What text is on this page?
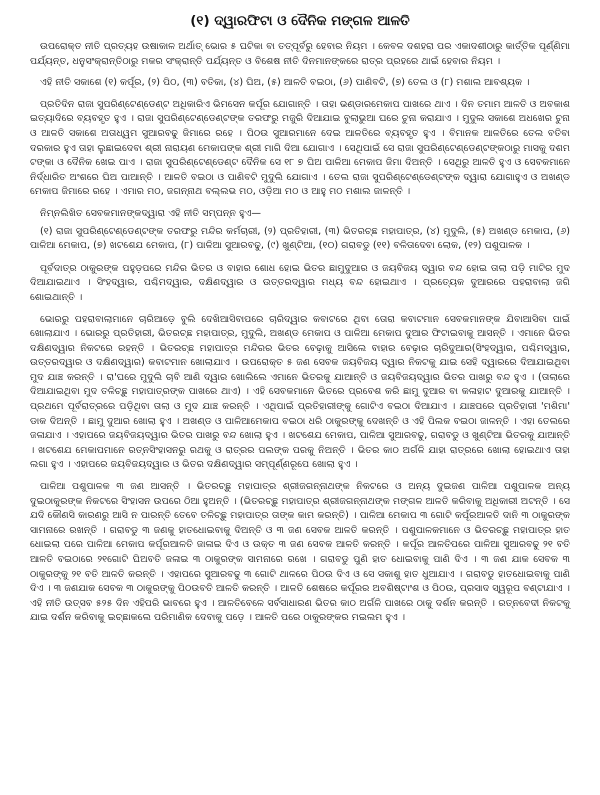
(୧) ଦ୍ୱାରଫିଟା ଓ ଦୈନିକ ମଙ୍ଗଳ ଆଳତି

ଉପରୋକ୍ତ ନୀତି ପ୍ରତ୍ୟହ ଉଷାକାଳ ଅର୍ଥାତ୍ ଭୋର ୫ ଘଟିକା ବା ତତ୍‌ପୂର୍ବରୁ ହେବାର ନିୟମ । କେବଳ ଦଶହରା ପର ଏକାଦଶୀଠାରୁ କାର୍ତ୍ତିକ ପୂର୍ଣ୍ଣିମା ପର୍ଯ୍ୟନ୍ତ, ଧନୁସଂକ୍ରାନ୍ତିଠାରୁ ମକର ସଂକ୍ରାନ୍ତି ପର୍ଯ୍ୟନ୍ତ ଓ ବିଶେଷ ନୀତି ଦିନମାନଙ୍କରେ ରାତ୍ର ପ୍ରହରେ ଥାଇଁ ହେବାର ନିୟମ ।

ଏହି ନୀତି ସକାଶେ (୧) କର୍ପୂର, (୨) ପିଠ, (୩) ବତିକା, (୪) ଘିଅ, (୫) ଆଳତି ବଇଠା, (୬) ପାଣିବଟି, (୭) ତେଲ ଓ (୮) ମଶାଲ ଆବଶ୍ୟକ ।

ପ୍ରତିଦିନ ରାଜା ସୁପରିଣ୍ଟେଣ୍ଡେଣ୍ଟ ଅଧିକାରିଏ ଭିମସେନ କର୍ପୂର ଯୋଗାନ୍ତି । ତାହା ଭଣ୍ଡାରମେକାପ ପାଖରେ ଥାଏ । ଦିନ ତମାମ ଆଳତି ଓ ଅବକାଶ ଇତ୍ୟାଦିରେ ବ୍ୟବହୃତ ହୁଏ । ରାଜା ସୁପରିଣ୍ଟେଣ୍ଡେଣ୍ଟଙ୍କ ତରଫରୁ ମଜୁରି ଦିଆଯାଇ ବୁଲାଭୁଆ ଘରେ ଚୁନା କରାଯାଏ । ମୁଦୁଲ ସକାଶେ ଅଧଖେର ଚୁନା ଓ ଆଳତି ସକାଶେ ଅତାଧ୍ୱମ ସୁଆରବଢୁ ଜିମାରେ ରହେ । ପିଠଉ ସୁଆରମାନେ ଦେଇ ଆଳତିରେ ବ୍ୟବହୃତ ହୁଏ । ବିମାନକ ଆଳତିରେ ତେଲ ବତିବା ଦରକାର ହୁଏ ତାହା ଲୁଛାଇଦେବା ଶ୍ରୀ ନାରାୟଣ ମେକାପଙ୍କ ଶ୍ରୀ ମାଗି ଦିଆ ଯୋଗାଏ । ସେଥିପାଇଁ ସେ ରାଜା ସୁପରିଣ୍ଟେଣ୍ଡେଣ୍ଟଙ୍କଠାରୁ ମାସକୁ ଦଶମ ଟଙ୍କା ଓ ଦୈନିକ ଖେଇ ପାଏ । ରାଜା ସୁପରିଣ୍ଟେଣ୍ଡେଣ୍ଟ ଦୈନିକ ସେ ୧୮ ୭ ଘିଅ ପାଳିଆ ମେକାପ ଜିମା ଦିଅନ୍ତି । ସେଥିରୁ ଆଳତି ହୁଏ ଓ ସେବକମାନେ ନିର୍ଦ୍ଧାରିତ ଅଂଶରେ ଘିଅ ପାଆନ୍ତି । ଆଳତି ବଇଠା ଓ ପାଣିବଟି ମୁଦୁଲି ଯୋଗାଏ । ତେଲ ରାଜା ସୁପରିଣ୍ଟେଣ୍ଡେଣ୍ଟଙ୍କ ଦ୍ୱାରା ଯୋଗାହୁଏ ଓ ଅଖଣ୍ଡ ମେକାପ ଜିମାରେ ରହେ । ଏମାର ମଠ, ଜଗନ୍ନାଥ ବଲ୍ଲଭ ମଠ, ଓଡ଼ିଆ ମଠ ଓ ଆହୁ ମଠ ମଶାଲ ଜାଳନ୍ତି ।

ନିମ୍ନଲିଖିତ ସେବକମାନଙ୍କଦ୍ୱାରା ଏହି ନୀତି ସମ୍ପନ୍ନ ହୁଏ—

(୧) ରାଜା ସୁପରିଣ୍ଟେଣ୍ଡେଣ୍ଟଙ୍କ ତରଫରୁ ମନ୍ଦିର କର୍ମଚାରୀ, (୨) ପ୍ରତିହାରୀ, (୩) ଭିତରଚ୍ଛ ମହାପାତ୍ର, (୪) ମୁଦୁଲି, (୫) ଅଖଣ୍ଡ ମେକାପ, (୬) ପାଳିଆ ମେକାପ, (୭) ଖଟଶେଯ ମେକାପ, (୮) ପାଳିଆ ସୁଆରବଢୁ, (୯) ଖୁଣ୍ଟିଆ, (୧୦) ଗରାବଡୁ (୧୧) ବଳିତାଦେବା ଲୋକ, (୧୨) ପଶୁପାଳକ ।

ପୂର୍ବଦାତ୍ର ଠାକୁରଙ୍କ ପହୁଡ଼ପରେ ମନ୍ଦିର ଭିତର ଓ ବାହାର ଶୋଧ ହୋଇ ଭିତର ଛାମୁଦୁଆର ଓ ଜୟବିଜୟ ଦ୍ୱାର ବନ୍ଦ ହୋଇ ତାଲା ପଡ଼ି ମାଟିର ମୁଦ ଦିଆଯାଇଥାଏ । ସିଂହଦ୍ୱାର, ପଶ୍ଚିମଦ୍ୱାର, ଦକ୍ଷିଣଦ୍ୱାର ଓ ଉତ୍ତରଦ୍ୱାର ମଧ୍ୟ ବନ୍ଦ ହୋଇଥାଏ । ପ୍ରତ୍ୟେକ ଦୁଆରରେ ପହରାବାଲା ଜଗି ଶୋଇଥାନ୍ତି ।

ଭୋରରୁ ପହରାବାଲାମାନେ ଚାରିଆଡ଼େ ବୁଲି ଦେଖିଆସିବାପରେ ଚାରିଦ୍ୱାର କବାଟରେ ଥିବା ତୋରା କବାଟମାନ ସେବକମାନଙ୍କ ଯିବାଆସିବା ପାଇଁ ଖୋଲାଯାଏ । ଭୋରରୁ ପ୍ରତିହାରୀ, ଭିତରଚ୍ଛ ମହାପାତ୍ର, ମୁଦୁଲି, ଅଖଣ୍ଡ ମେକାପ ଓ ପାଳିଆ ମେକାପ ଦୁଆର ଫିଟାଇବାକୁ ଆସନ୍ତି । ଏମାନେ ଭିତର ଦକ୍ଷିଣଦ୍ୱାର ନିକଟରେ ରହନ୍ତି । ଭିତରଚ୍ଛ ମହାପାତ୍ର ମନ୍ଦିରର ଭିତର ବେଢ଼ାକୁ ଆସିଲେ ବାହାର ବେଢ଼ାର ଚାରିଦୁଆର(ସିଂହଦ୍ୱାର, ପଶ୍ଚିମଦ୍ୱାର, ଉତ୍ତରଦ୍ୱାର ଓ ଦକ୍ଷିଣଦ୍ୱାର) କବାଟମାନ ଖୋଲାଯାଏ । ଉପରୋକ୍ତ ୫ ଜଣ ସେବକ ଜୟବିଜୟ ଦ୍ୱାର ନିକଟକୁ ଯାଇ ସେହି ଦ୍ୱାରରେ ଦିଆଯାଇଥିବା ମୁଦ ଯାଞ୍ଚ କରନ୍ତି । ରା'ଘରେ ମୁଦୁଲି ଚାବି ଆଣି ଦ୍ୱାର ଖୋଲିଲେ ଏମାନେ ଭିତରକୁ ଯାଆନ୍ତି ଓ ଜୟବିଜୟଦ୍ୱାର ଭିତର ପାଖରୁ ବନ୍ଦ ହୁଏ । (ତାଲାରେ ଦିଆଯାଇଥିବା ମୁଦ ତଳିଚ୍ଛୁ ମହାପାତ୍ରଙ୍କ ପାଖରେ ଥାଏ) । ଏହି ସେବକମାନେ ଭିତରେ ପ୍ରବେଶ କରି ଛାମୁ ଦୁଆର ବା କଳାହାଟ ଦୁଆରକୁ ଯାଆନ୍ତି । ପ୍ରଥମେ ପୂର୍ବରାତ୍ରରେ ପଡ଼ିଥିବା ତାଲା ଓ ମୁଦ ଯାଞ୍ଚ କରନ୍ତି । ଏଥିପାଇଁ ପ୍ରତିହାରୀଙ୍କୁ ଗୋଟିଏ ବଇଠା ଦିଆଯାଏ । ଯାଞ୍ଚପରେ ପ୍ରତିହାରୀ 'ମଶିମା' ଡାକ ଦିଅନ୍ତି । ଛାମୁ ଦୁଆର ଖୋଲା ହୁଏ । ଅଖଣ୍ଡ ଓ ପାଳିଆମେକାପ ବଇଠା ଧରି ଠାକୁରଙ୍କୁ ଦେଖନ୍ତି ଓ ଏହି ପିଲକ ବଇଠା ଜାଳନ୍ତି । ଏହା ତେଲରେ ଜଳାଯାଏ । ଏହାପରେ ଜୟବିଜୟଦ୍ୱାର ଭିତର ପାଖରୁ ବନ୍ଦ ଖୋଲା ହୁଏ । ଖଟଶେଯ ମେକାପ, ପାଳିଆ ସୁଆରବଢୁ, ଗରାବଡୁ ଓ ଖୁଣ୍ଟିଆ ଭିତରକୁ ଯାଆନ୍ତି । ଖଟଶେଯ ମେକାପମାନେ ରତ୍ନସିଂହାସନରୁ ରଥକୁ ଓ ରାତ୍ରର ପଲଙ୍କ ପରକୁ ନିଅନ୍ତି । ଭିତର କାଠ ଅର୍ଗଳି ଯାହା ରାତ୍ରରେ ଖୋଲା ହୋଇଥାଏ ତାହା ଲଗା ହୁଏ । ଏହାପରେ ଜୟବିଜୟଦ୍ୱାର ଓ ଭିତର ଦକ୍ଷିଣଦ୍ୱାର ସମ୍ପୂର୍ଣ୍ଣରୂପେ ଖୋଲା ହୁଏ ।

ପାଳିଆ ପଶୁପାଳକ ୩ ଜଣ ଆସନ୍ତି । ଭିତରଚ୍ଛୁ ମହାପାତ୍ର ଶ୍ରୀଜଗନ୍ନାଥଙ୍କ ନିକଟରେ ଓ ଅନ୍ୟ ଦୁଇଜଣ ପାଳିଆ ପଶୁପାଳକ ଅନ୍ୟ ଦୁଇଠାକୁରଙ୍କ ନିକଟରେ ସିଂହାସନ ଉପରେ ଠିଆ ହୁଅନ୍ତି । (ଭିତରଚ୍ଛୁ ମହାପାତ୍ର ଶ୍ରୀଜଗନ୍ନାଥଙ୍କ ମଙ୍ଗଳ ଆଳତି କରିବାକୁ ଅଧିକାରୀ ଅଟନ୍ତି । ସେ ଯଦି କୌଣସି କାରଣରୁ ଆସି ନ ପାରନ୍ତି ତେବେ ତଳିଚ୍ଛୁ ମହାପାତ୍ର ତାଙ୍କ କାମ କରନ୍ତି) । ପାଳିଆ ମେକାପ ୩ ଗୋଟି କର୍ପୂରଆଳତି ଦାନି ୩ ଠାକୁରଙ୍କ ସାମନାରେ ରଖନ୍ତି । ଗରାବଡୁ ୩ ଜଣକୁ ହାତଧୋଇବାକୁ ଦିଅନ୍ତି ଓ ୩ ଜଣ ସେବକ ଆଳତି କରନ୍ତି । ପଶୁପାଳକମାନେ ଓ ଭିତରଚ୍ଛୁ ମହାପାତ୍ର ହାତ ଧୋଇଲା ପରେ ପାଳିଆ ମେକାପ କର୍ପୂରଆଳତି ଜାଳାଇ ଦିଏ ଓ ଉକ୍ତ ୩ ଜଣ ସେବକ ଆଳତି କରନ୍ତି । କର୍ପୂର ଆଳତିପରେ ପାଳିଆ ସୁଆରବଢୁ ୨୧ ବତି ଆଳତି ବଇଠାରେ ୨୧ଗୋଟି ଘିଅବତି ଜଳାଇ ୩ ଠାକୁରଙ୍କ ସାମନାରେ ରଖେ । ଗରାବଡୁ ପୁଣି ହାତ ଧୋଇବାକୁ ପାଣି ଦିଏ । ୩ ଜଣ ଯାକ ସେବକ ୩ ଠାକୁରଙ୍କୁ ୨୧ ବତି ଆଳତି କରନ୍ତି । ଏହାପରେ ସୁଆରବଢୁ ୩ ଗୋଟି ଥାଳରେ ପିଠଉ ଦିଏ ଓ ସେ ସକାଶୁ ହାତ ଧୁଆଯାଏ । ଗରାବଡୁ ହାତଧୋଇବାକୁ ପାଣି ଦିଏ । ୩ ଜଣଯାକ ସେବକ ୩ ଠାକୁରଙ୍କୁ ପିଠଉବତି ଆଳତି କରନ୍ତି । ଆଳତି ଶେଷରେ କର୍ପୂରର ଅବଶିଷ୍ଟାଂଶ ଓ ପିଠଉ, ପ୍ରସାଦ ସ୍ୱରୂପ ବଣ୍ଟାଯାଏ । ଏହି ନୀତି ଉତ୍ସବ ୫୨୫ ଦିନ ଏହିପରି ଭାବରେ ହୁଏ । ଆଳତିବେଳେ ସର୍ବସାଧାରଣ ଭିତର କାଠ ଅର୍ଗଳି ପାଖରେ ଠାକୁ ଦର୍ଶନ କରନ୍ତି । ରତ୍ନବେଦୀ ନିକଟକୁ ଯାଇ ଦର୍ଶନ କରିବାକୁ ଇଚ୍ଛାକଲେ ପରିମାଣିକ ଦେବାକୁ ପଡ଼େ । ଆଳତି ପରେ ଠାକୁରଙ୍କର ମଇଲମ ହୁଏ ।
